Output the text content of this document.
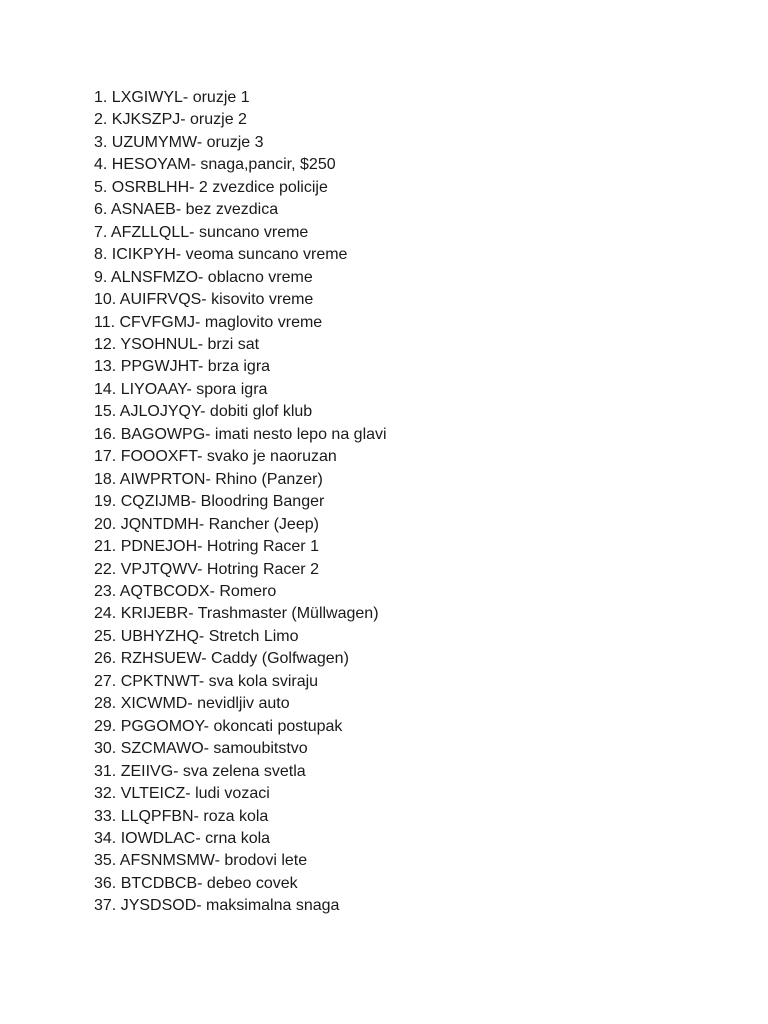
1. LXGIWYL- oruzje 1
2. KJKSZPJ- oruzje 2
3. UZUMYMW- oruzje 3
4. HESOYAM- snaga,pancir, $250
5. OSRBLHH- 2 zvezdice policije
6. ASNAEB- bez zvezdica
7. AFZLLQLL- suncano vreme
8. ICIKPYH- veoma suncano vreme
9. ALNSFMZO- oblacno vreme
10. AUIFRVQS- kisovito vreme
11. CFVFGMJ- maglovito vreme
12. YSOHNUL- brzi sat
13. PPGWJHT- brza igra
14. LIYOAAY- spora igra
15. AJLOJYQY- dobiti glof klub
16. BAGOWPG- imati nesto lepo na glavi
17. FOOOXFT- svako je naoruzan
18. AIWPRTON- Rhino (Panzer)
19. CQZIJMB- Bloodring Banger
20. JQNTDMH- Rancher (Jeep)
21. PDNEJOH- Hotring Racer 1
22. VPJTQWV- Hotring Racer 2
23. AQTBCODX- Romero
24. KRIJEBR- Trashmaster (Müllwagen)
25. UBHYZHQ- Stretch Limo
26. RZHSUEW- Caddy (Golfwagen)
27. CPKTNWT- sva kola sviraju
28. XICWMD- nevidljiv auto
29. PGGOMOY- okoncati postupak
30. SZCMAWO- samoubitstvo
31. ZEIIVG- sva zelena svetla
32. VLTEICZ- ludi vozaci
33. LLQPFBN- roza kola
34. IOWDLAC- crna kola
35. AFSNMSMW- brodovi lete
36. BTCDBCB- debeo covek
37. JYSDSOD- maksimalna snaga
